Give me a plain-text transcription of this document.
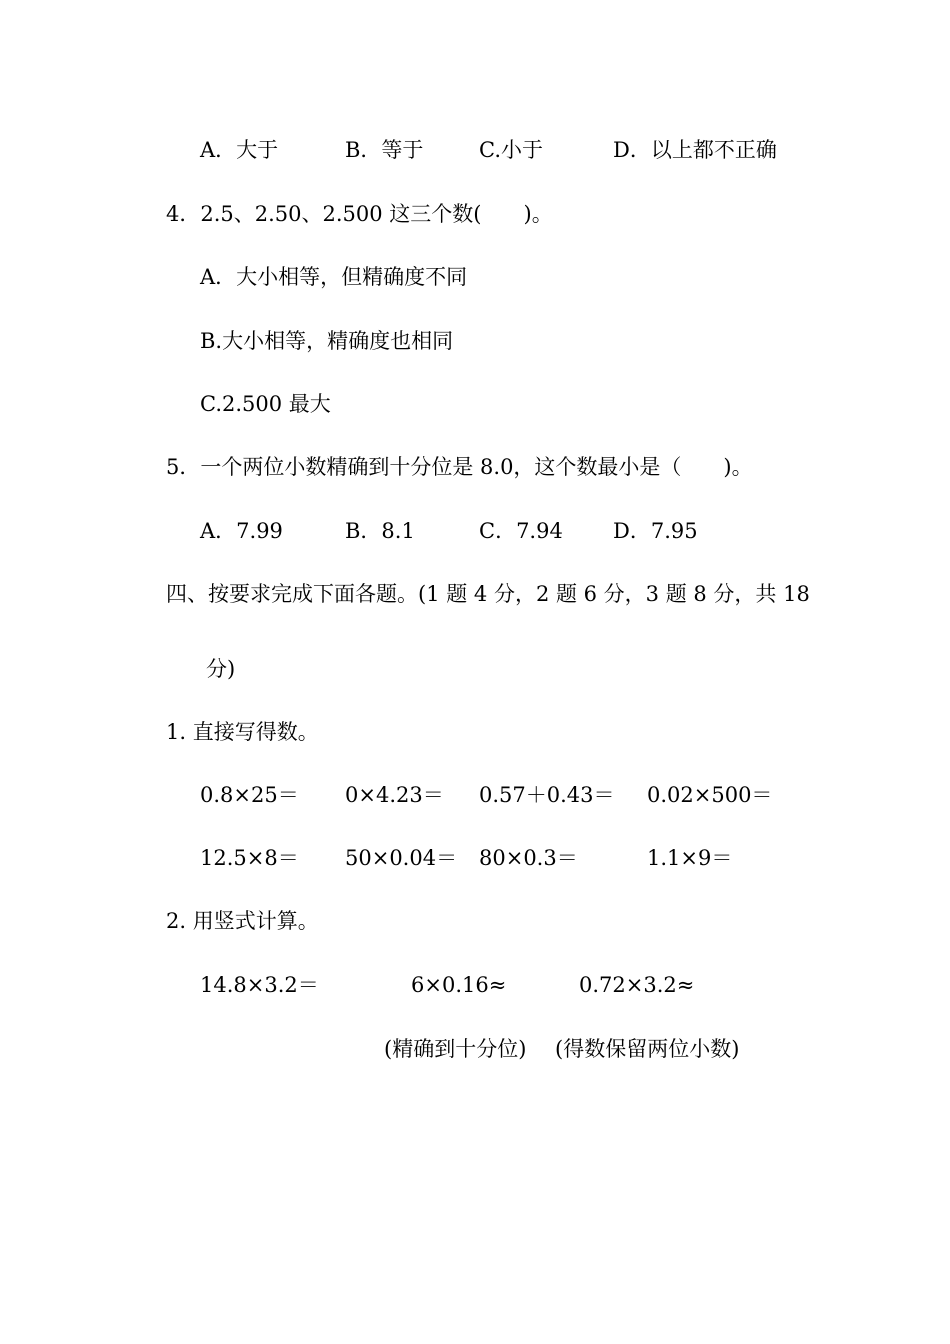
A．大于	B．等于	C.小于	D．以上都不正确
4．2.5、2.50、2.500 这三个数(　　)。
A．大小相等，但精确度不同
B.大小相等，精确度也相同
C.2.500 最大
5．一个两位小数精确到十分位是 8.0，这个数最小是（　　)。
A．7.99	B．8.1	C．7.94 D．7.95
四、按要求完成下面各题。(1 题 4 分，2 题 6 分，3 题 8 分，共 18
分)
1. 直接写得数。
0.8×25＝ 0×4.23＝ 0.57＋0.43＝ 0.02×500＝
12.5×8＝ 50×0.04＝ 80×0.3＝	1.1×9＝
2. 用竖式计算。
14.8×3.2＝	6×0.16≈	0.72×3.2≈
(精确到十分位) (得数保留两位小数)
